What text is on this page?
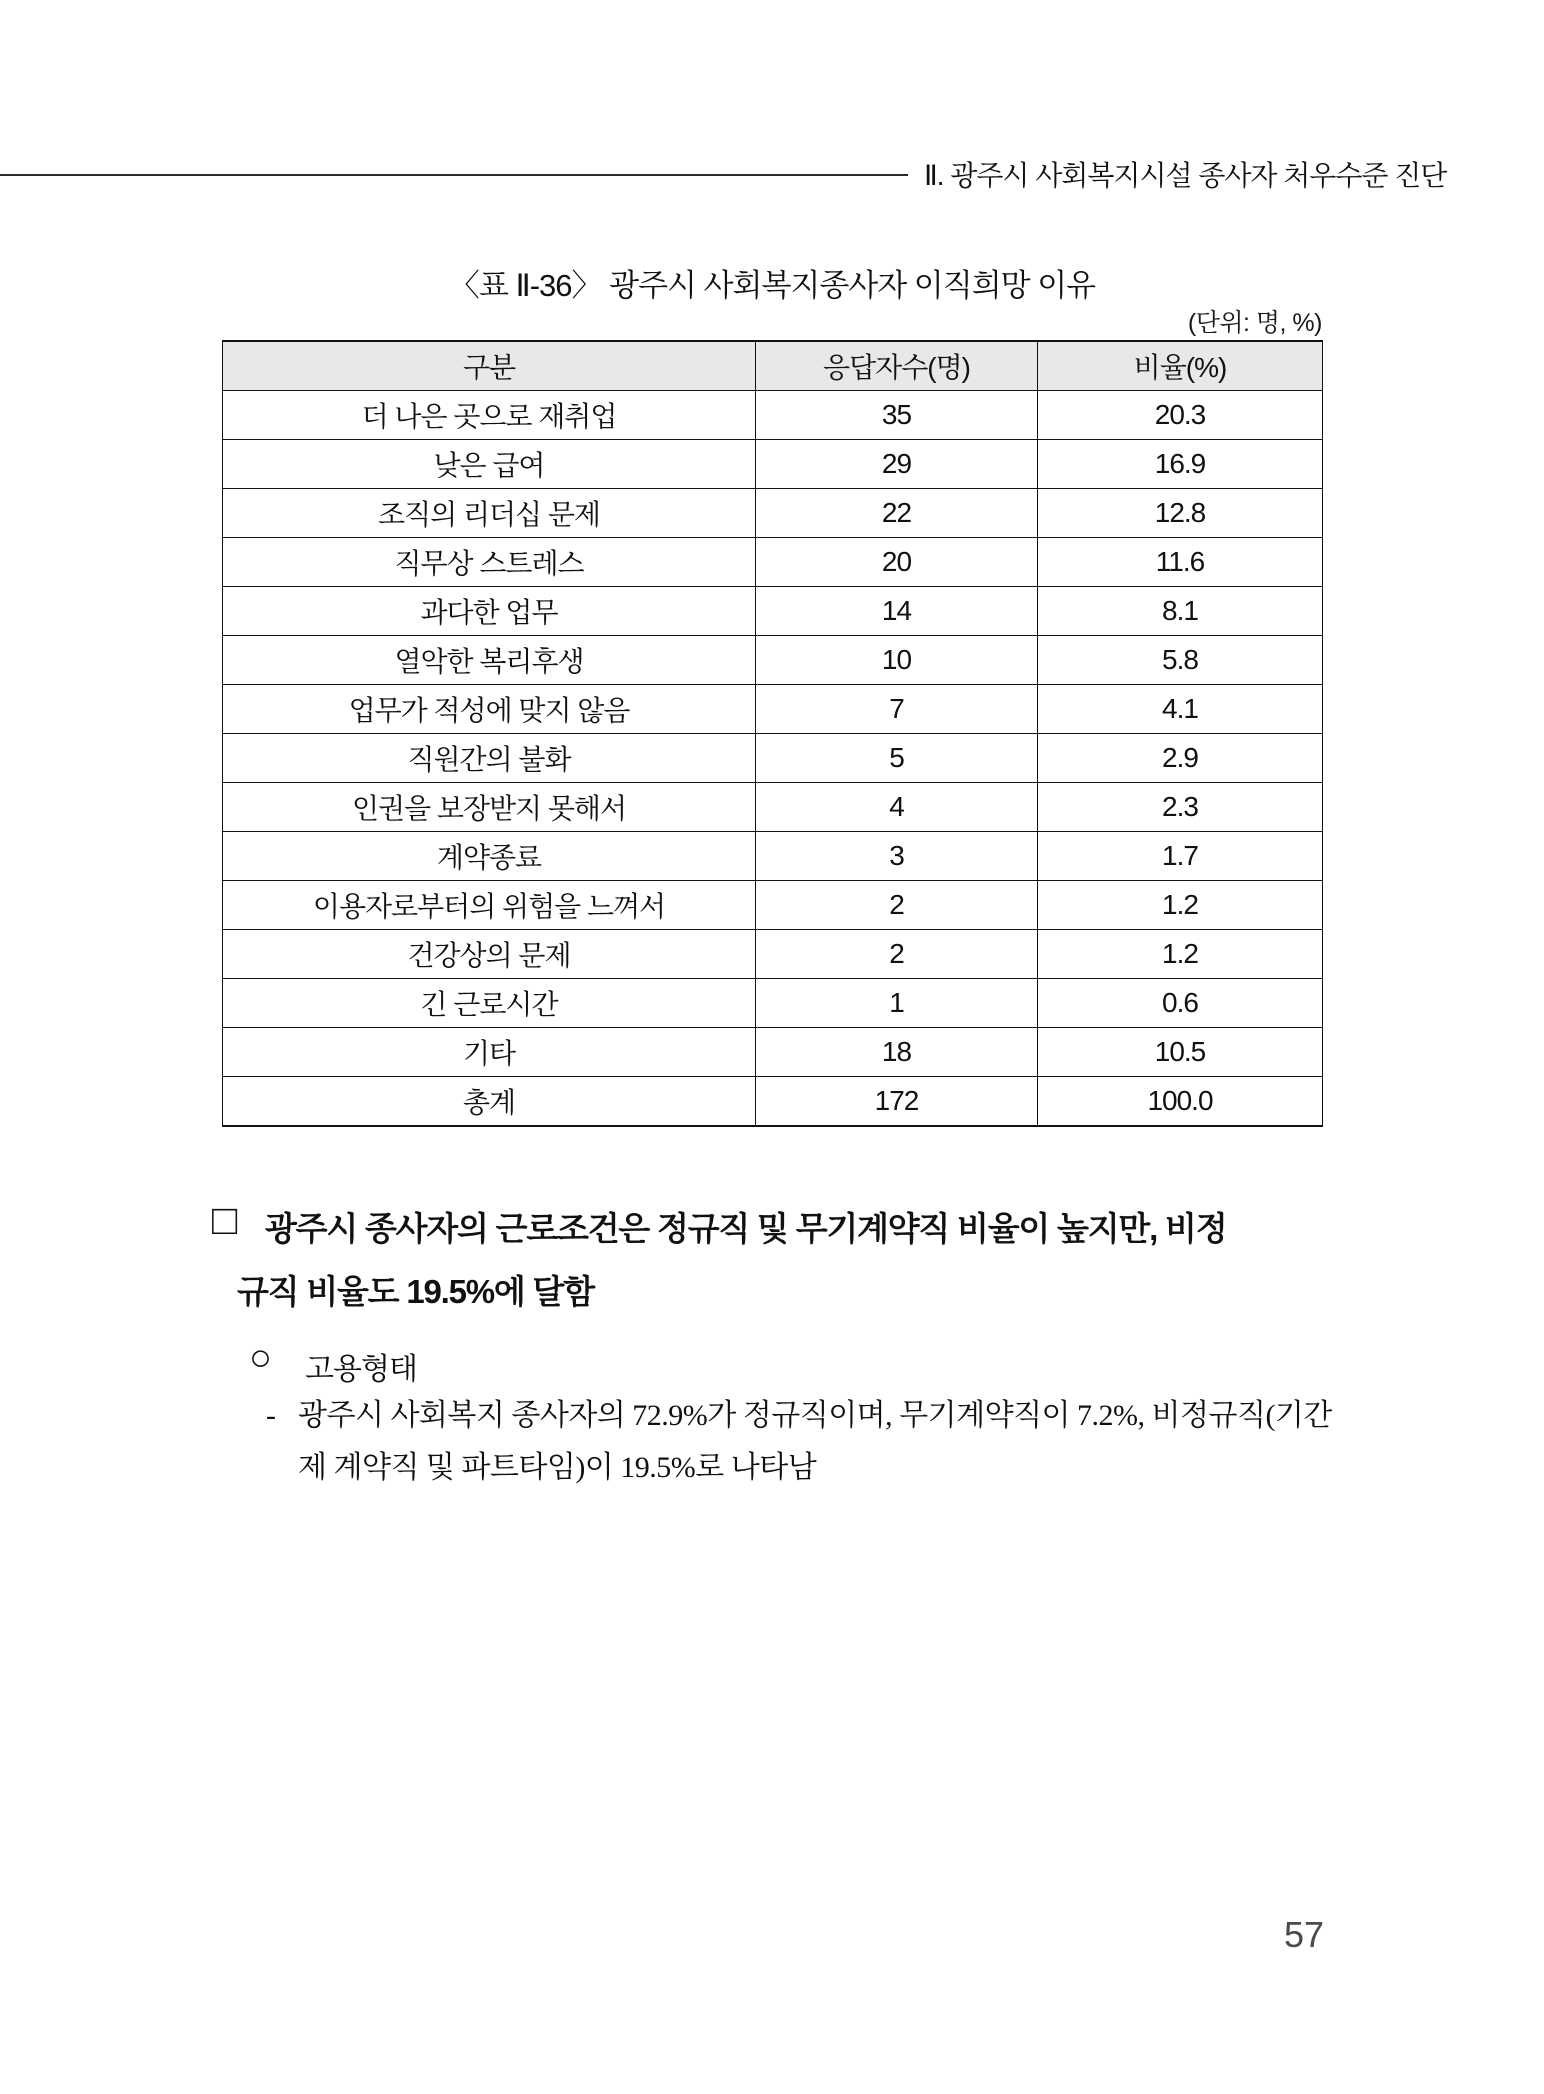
Ⅱ. 광주시 사회복지시설 종사자 처우수준 진단
〈표 Ⅱ-36〉 광주시 사회복지종사자 이직희망 이유
(단위: 명, %)
구분	응답자수(명)	비율(%)
더 나은 곳으로 재취업	35	20.3
낮은 급여	29	16.9
조직의 리더십 문제	22	12.8
직무상 스트레스	20	11.6
과다한 업무	14	8.1
열악한 복리후생	10	5.8
업무가 적성에 맞지 않음	7	4.1
직원간의 불화	5	2.9
인권을 보장받지 못해서	4	2.3
계약종료	3	1.7
이용자로부터의 위험을 느껴서	2	1.2
건강상의 문제	2	1.2
긴 근로시간	1	0.6
기타	18	10.5
총계	172	100.0
□ 광주시 종사자의 근로조건은 정규직 및 무기계약직 비율이 높지만, 비정
규직 비율도 19.5%에 달함
○ 고용형태
- 광주시 사회복지 종사자의 72.9%가 정규직이며, 무기계약직이 7.2%, 비정규직(기간
제 계약직 및 파트타임)이 19.5%로 나타남
57
